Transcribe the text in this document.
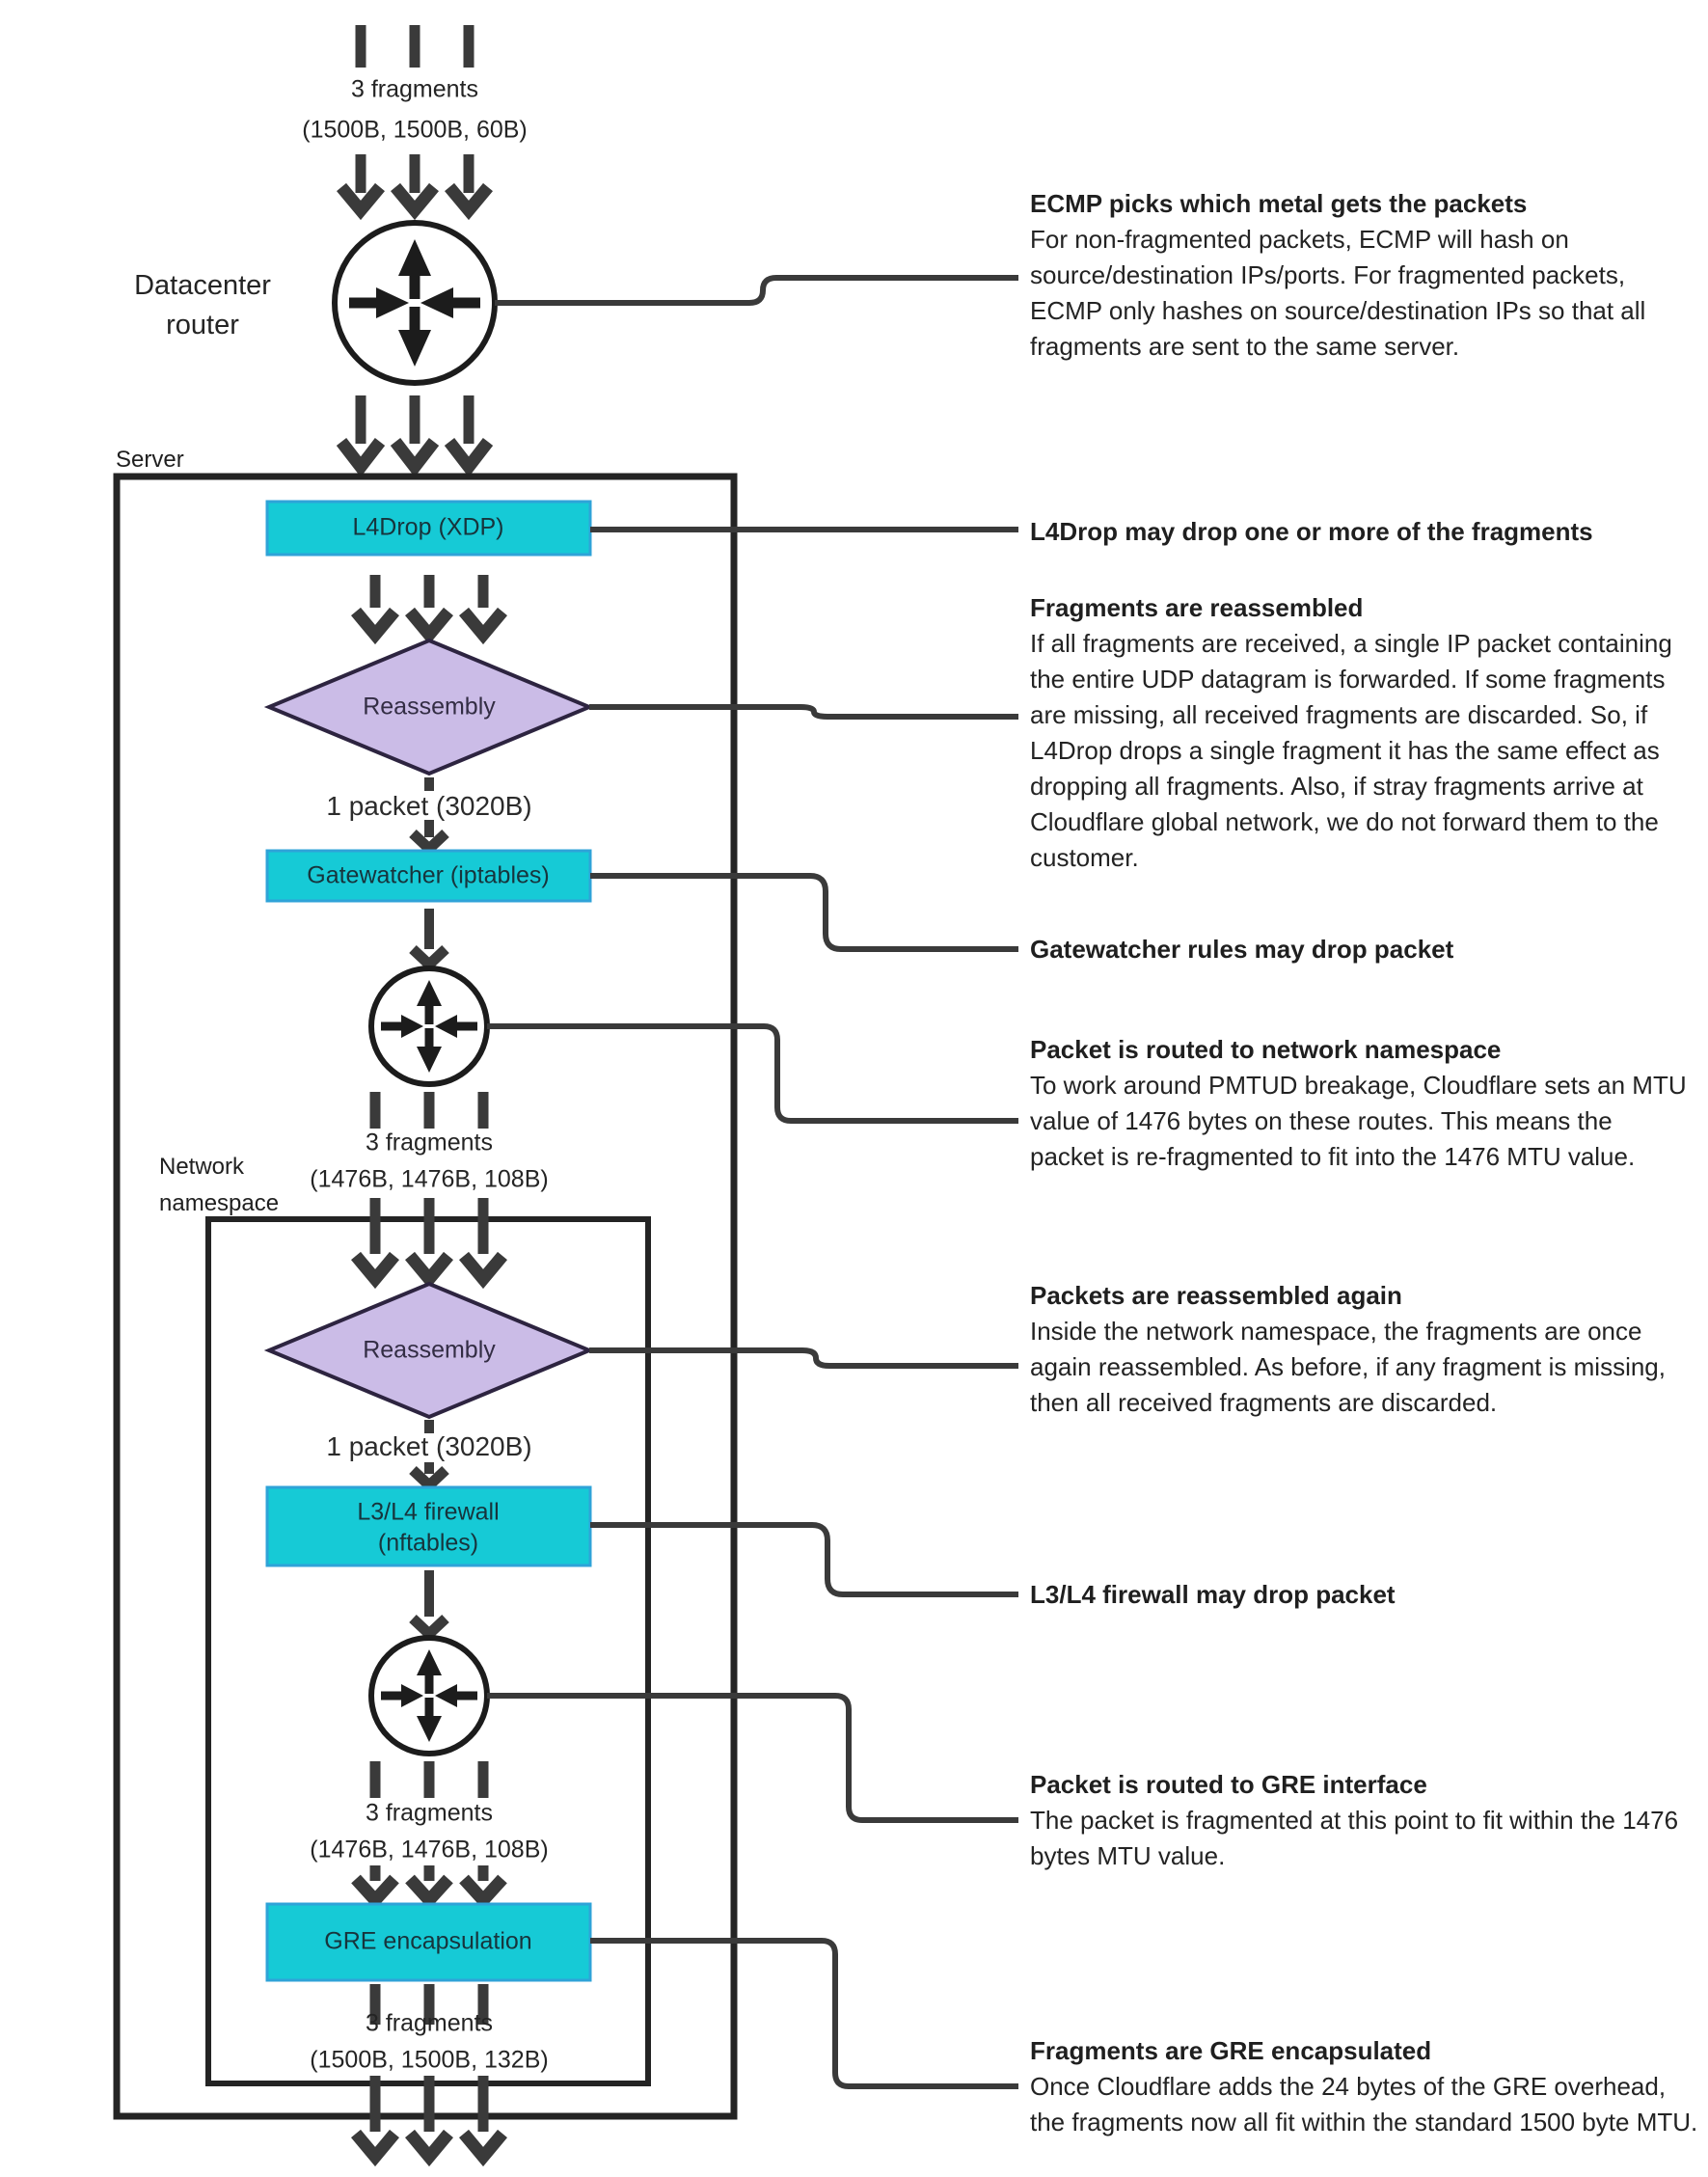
3 fragments
(1500B, 1500B, 60B)
Datacenter router
Server
L4Drop (XDP)
Reassembly
1 packet (3020B)
Gatewatcher (iptables)
3 fragments
(1476B, 1476B, 108B)
Network namespace
Reassembly
1 packet (3020B)
L3/L4 firewall
(nftables)
3 fragments
(1476B, 1476B, 108B)
GRE encapsulation
3 fragments
(1500B, 1500B, 132B)
ECMP picks which metal gets the packets

For non-fragmented packets, ECMP will hash on source/destination IPs/ports. For fragmented packets, ECMP only hashes on source/destination IPs so that all fragments are sent to the same server.

L4Drop may drop one or more of the fragments
Fragments are reassembled

If all fragments are received, a single IP packet containing the entire UDP datagram is forwarded. If some fragments are missing, all received fragments are discarded. So, if L4Drop drops a single fragment it has the same effect as dropping all fragments. Also, if stray fragments arrive at Cloudflare global network, we do not forward them to the customer.

Gatewatcher rules may drop packet
Packet is routed to network namespace

To work around PMTUD breakage, Cloudflare sets an MTU value of 1476 bytes on these routes. This means the packet is re-fragmented to fit into the 1476 MTU value.

Packets are reassembled again

Inside the network namespace, the fragments are once again reassembled. As before, if any fragment is missing, then all received fragments are discarded.

L3/L4 firewall may drop packet
Packet is routed to GRE interface

The packet is fragmented at this point to fit within the 1476 bytes MTU value.

Fragments are GRE encapsulated

Once Cloudflare adds the 24 bytes of the GRE overhead, the fragments now all fit within the standard 1500 byte MTU.
